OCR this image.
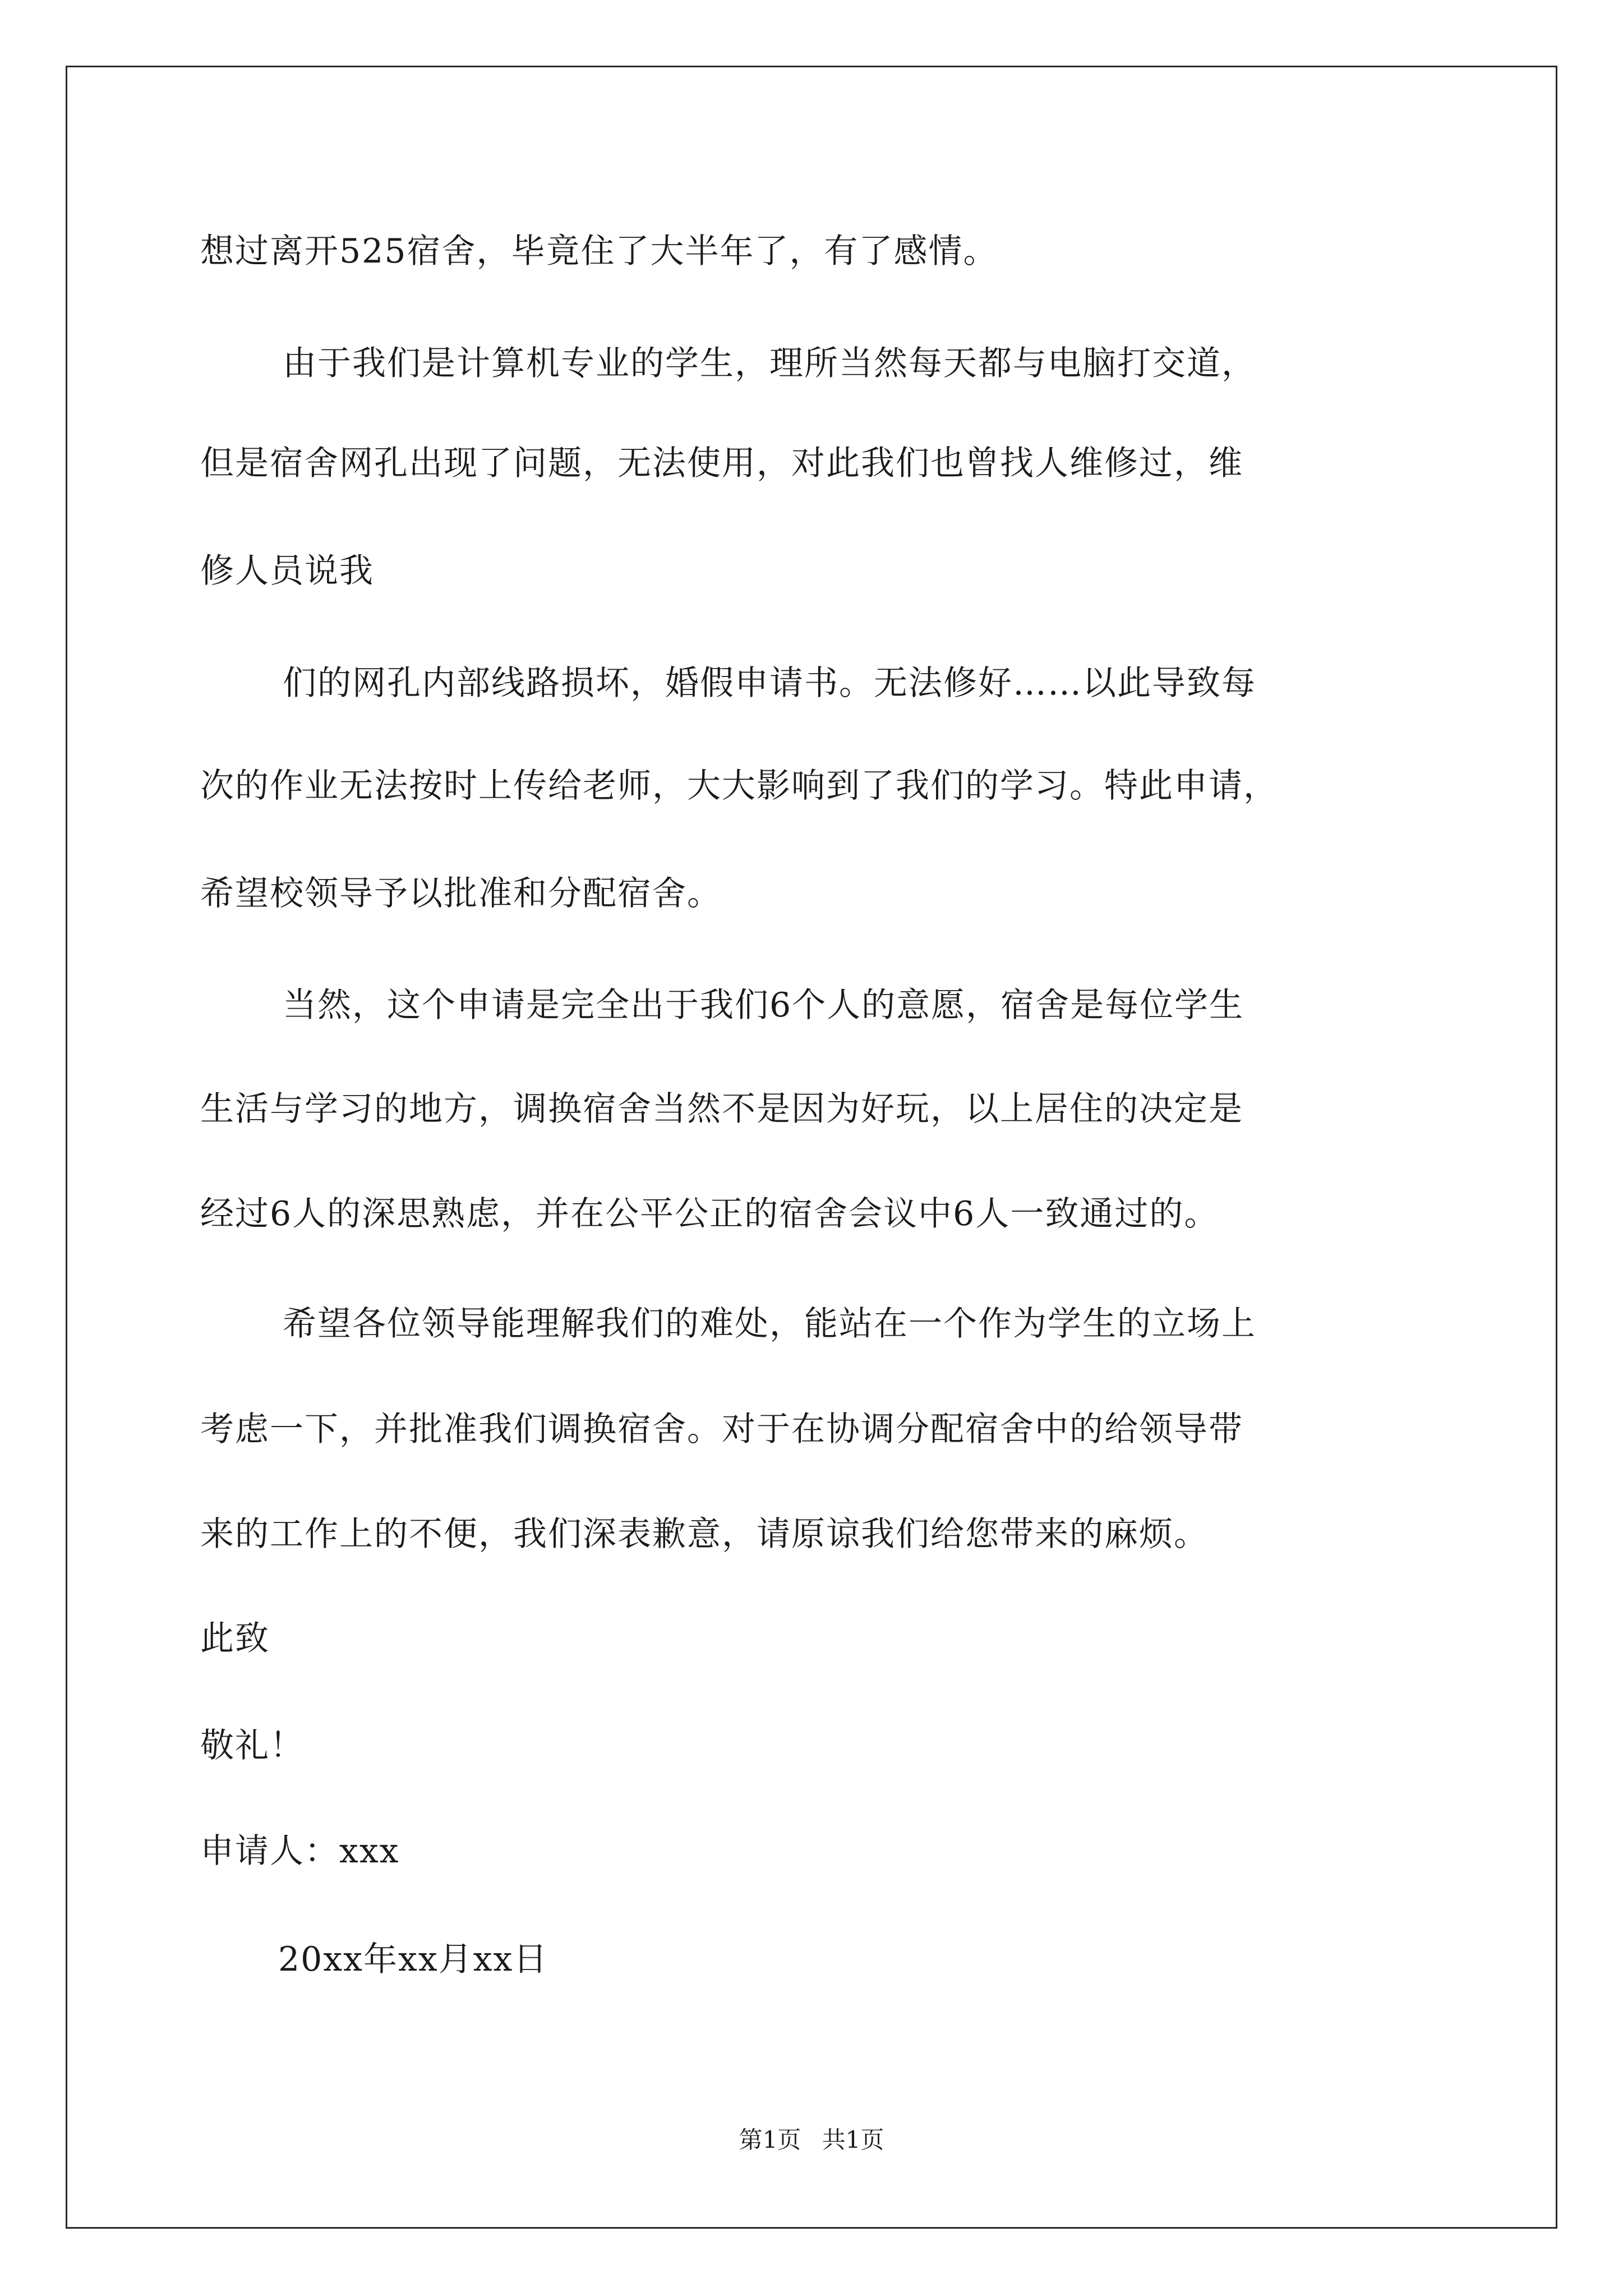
想过离开525宿舍，毕竟住了大半年了，有了感情。
由于我们是计算机专业的学生，理所当然每天都与电脑打交道，
但是宿舍网孔出现了问题，无法使用，对此我们也曾找人维修过，维
修人员说我
们的网孔内部线路损坏，婚假申请书。无法修好……以此导致每
次的作业无法按时上传给老师，大大影响到了我们的学习。特此申请，
希望校领导予以批准和分配宿舍。
当然，这个申请是完全出于我们6个人的意愿，宿舍是每位学生
生活与学习的地方，调换宿舍当然不是因为好玩，以上居住的决定是
经过6人的深思熟虑，并在公平公正的宿舍会议中6人一致通过的。
希望各位领导能理解我们的难处，能站在一个作为学生的立场上
考虑一下，并批准我们调换宿舍。对于在协调分配宿舍中的给领导带
来的工作上的不便，我们深表歉意，请原谅我们给您带来的麻烦。
此致
敬礼！
申请人：xxx
20xx年xx月xx日
第1页 共1页
